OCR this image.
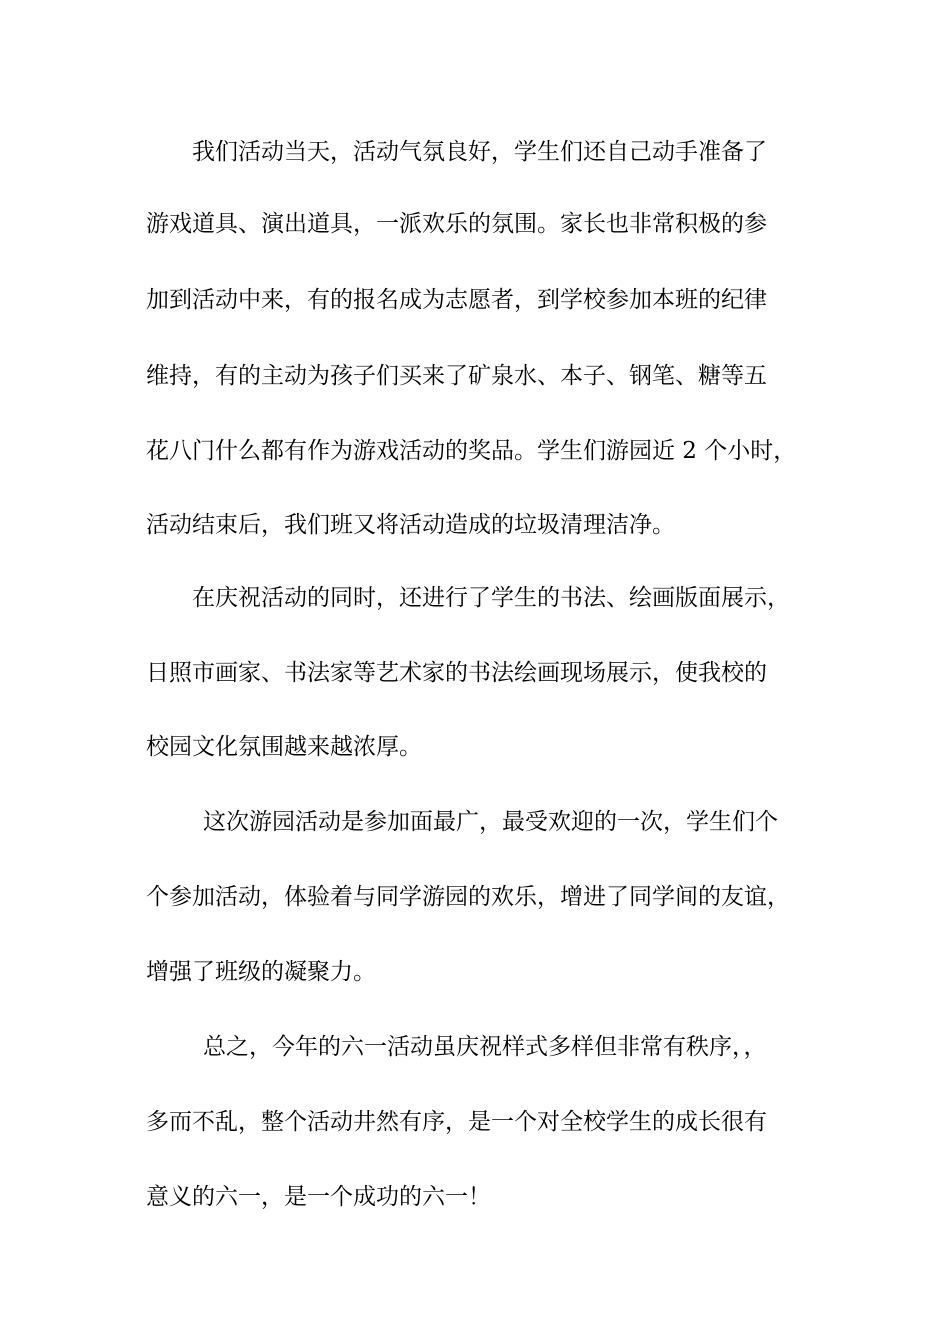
我们活动当天，活动气氛良好，学生们还自己动手准备了
游戏道具、演出道具，一派欢乐的氛围。家长也非常积极的参
加到活动中来，有的报名成为志愿者，到学校参加本班的纪律
维持，有的主动为孩子们买来了矿泉水、本子、钢笔、糖等五
花八门什么都有作为游戏活动的奖品。学生们游园近 2 个小时，
活动结束后，我们班又将活动造成的垃圾清理洁净。
在庆祝活动的同时，还进行了学生的书法、绘画版面展示，
日照市画家、书法家等艺术家的书法绘画现场展示，使我校的
校园文化氛围越来越浓厚。
这次游园活动是参加面最广，最受欢迎的一次，学生们个
个参加活动，体验着与同学游园的欢乐，增进了同学间的友谊，
增强了班级的凝聚力。
总之，今年的六一活动虽庆祝样式多样但非常有秩序，，
多而不乱，整个活动井然有序，是一个对全校学生的成长很有
意义的六一，是一个成功的六一！
